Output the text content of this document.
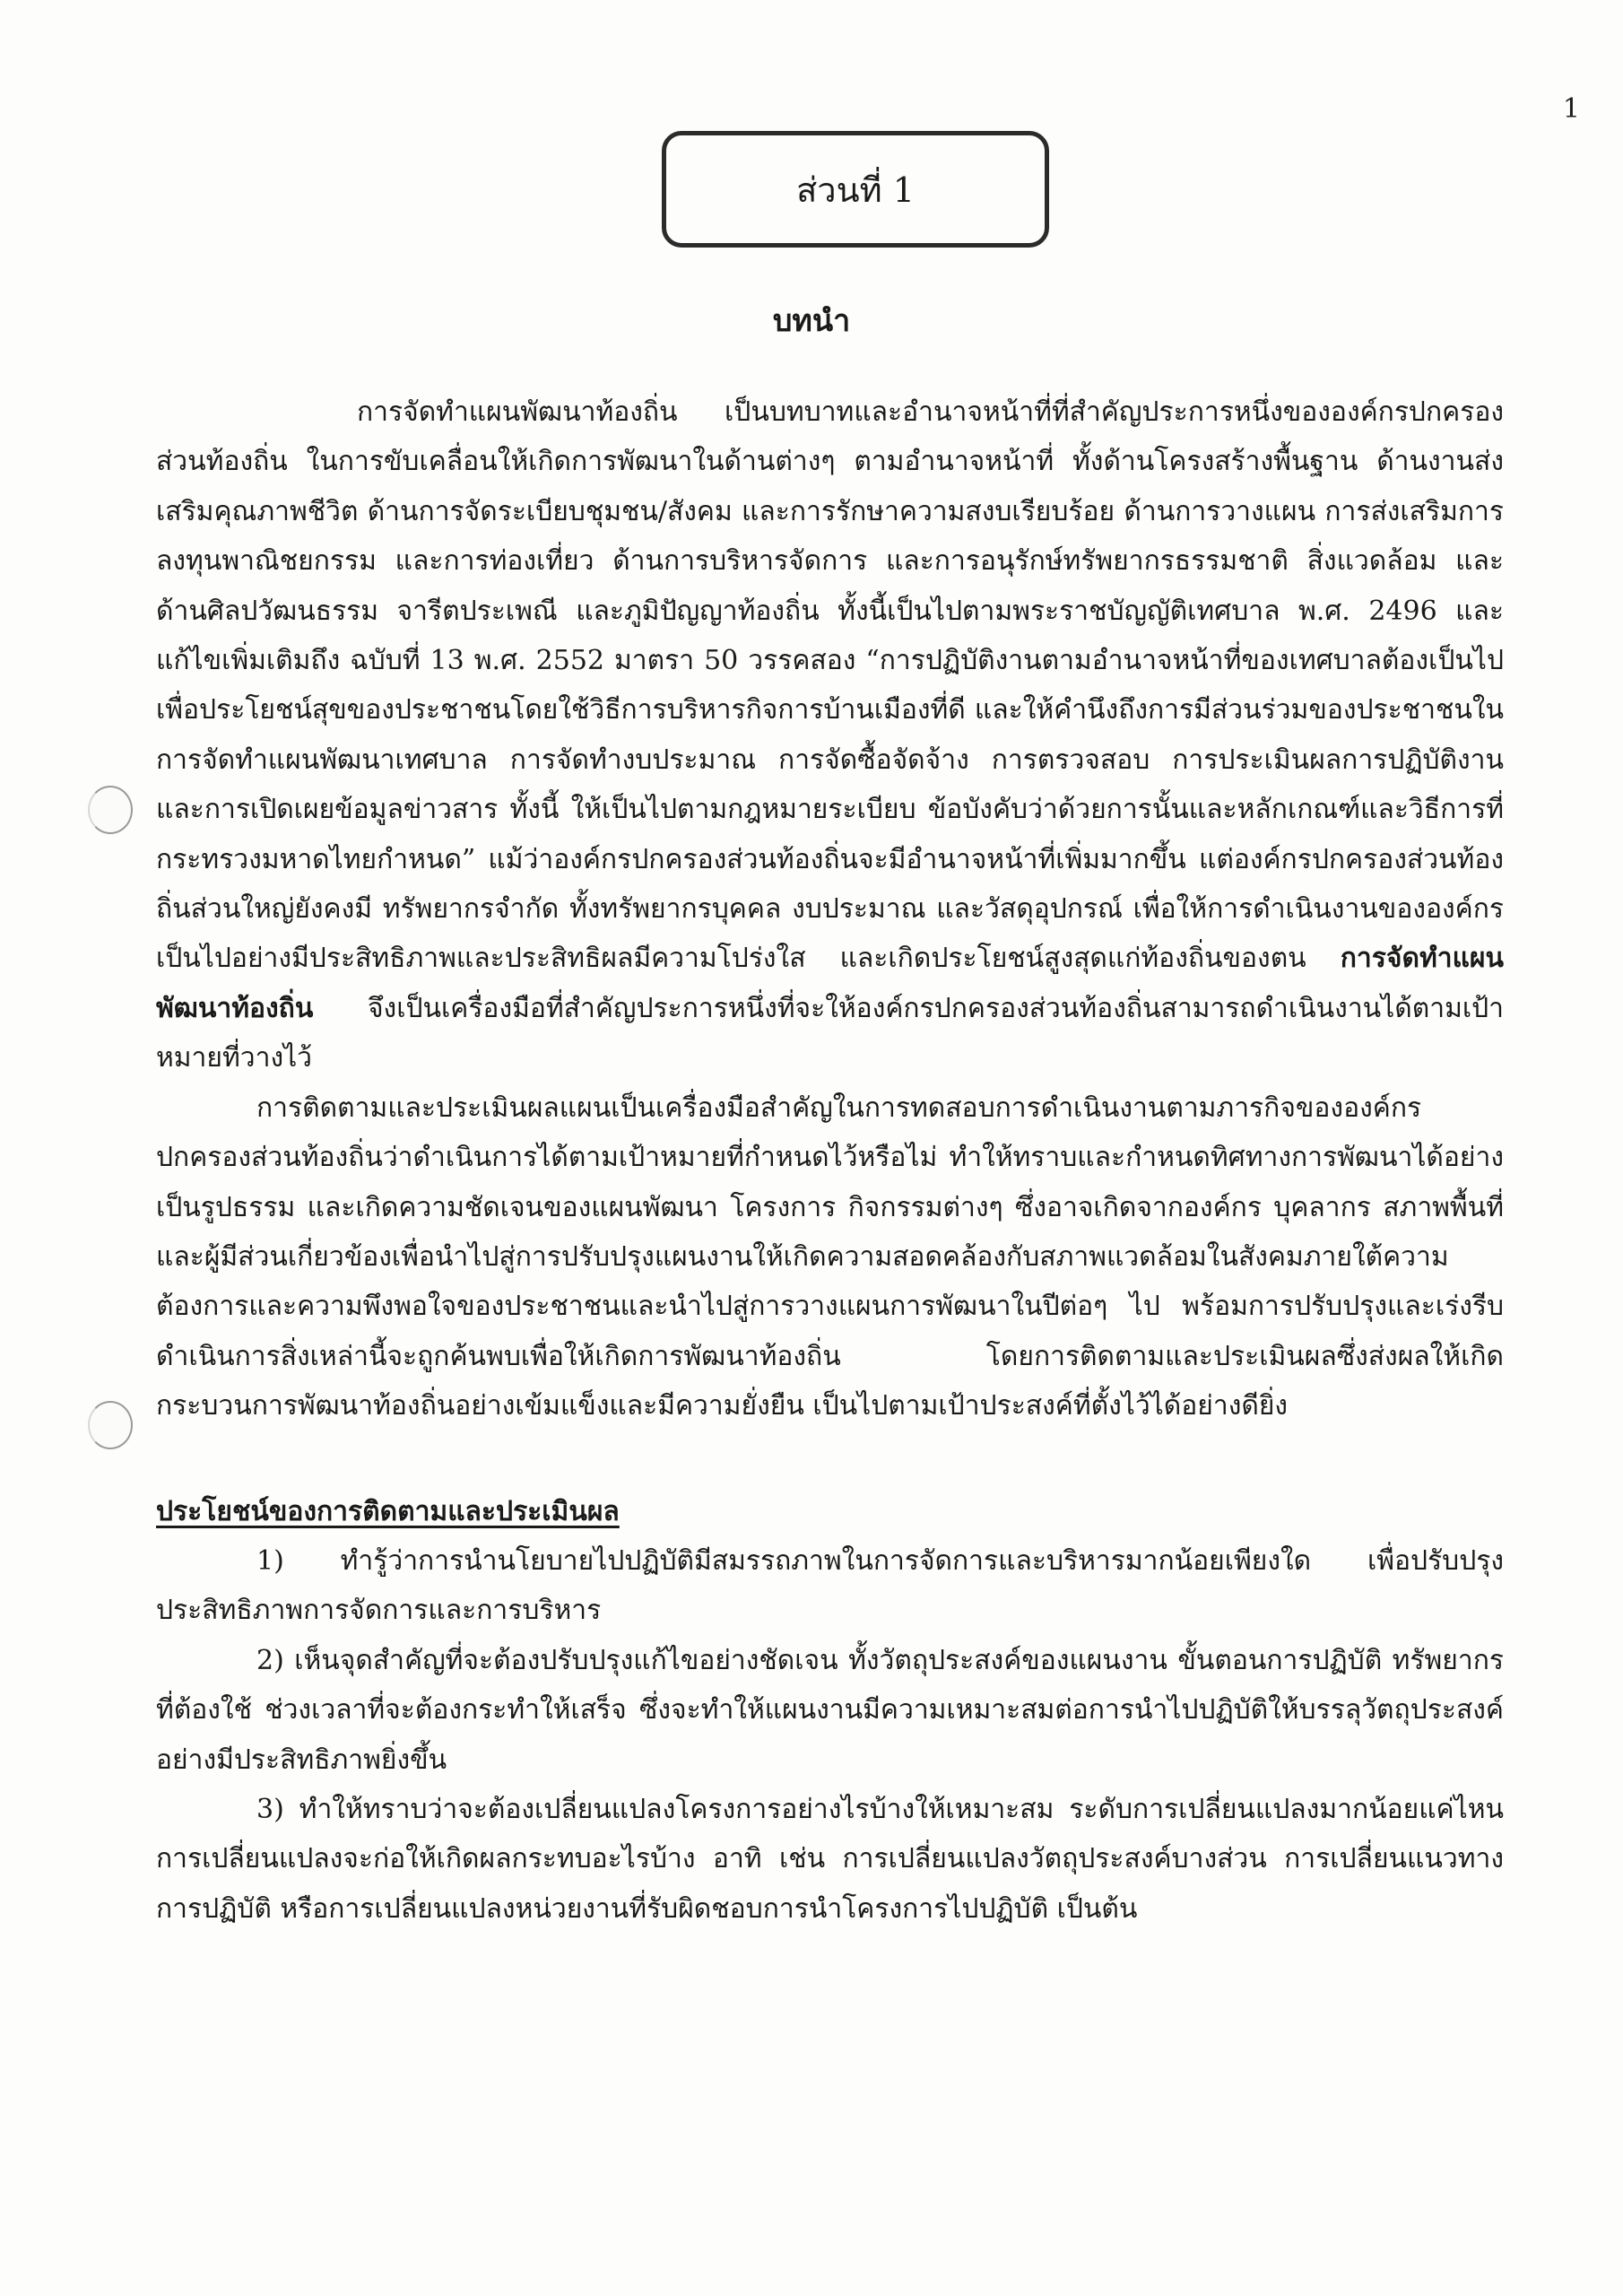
1
ส่วนที่ 1
บทนำ

การจัดทำแผนพัฒนาท้องถิ่น เป็นบทบาทและอำนาจหน้าที่ที่สำคัญประการหนึ่งขององค์กรปกครองส่วนท้องถิ่น ในการขับเคลื่อนให้เกิดการพัฒนาในด้านต่างๆ ตามอำนาจหน้าที่ ทั้งด้านโครงสร้างพื้นฐาน ด้านงานส่งเสริมคุณภาพชีวิต ด้านการจัดระเบียบชุมชน/สังคม และการรักษาความสงบเรียบร้อย ด้านการวางแผน การส่งเสริมการลงทุนพาณิชยกรรม และการท่องเที่ยว ด้านการบริหารจัดการ และการอนุรักษ์ทรัพยากรธรรมชาติ สิ่งแวดล้อม และด้านศิลปวัฒนธรรม จารีตประเพณี และภูมิปัญญาท้องถิ่น ทั้งนี้เป็นไปตามพระราชบัญญัติเทศบาล พ.ศ. 2496 และแก้ไขเพิ่มเติมถึง ฉบับที่ 13 พ.ศ. 2552 มาตรา 50 วรรคสอง “การปฏิบัติงานตามอำนาจหน้าที่ของเทศบาลต้องเป็นไปเพื่อประโยชน์สุขของประชาชนโดยใช้วิธีการบริหารกิจการบ้านเมืองที่ดี และให้คำนึงถึงการมีส่วนร่วมของประชาชนในการจัดทำแผนพัฒนาเทศบาล การจัดทำงบประมาณ การจัดซื้อจัดจ้าง การตรวจสอบ การประเมินผลการปฏิบัติงาน และการเปิดเผยข้อมูลข่าวสาร ทั้งนี้ ให้เป็นไปตามกฎหมายระเบียบ ข้อบังคับว่าด้วยการนั้นและหลักเกณฑ์และวิธีการที่กระทรวงมหาดไทยกำหนด” แม้ว่าองค์กรปกครองส่วนท้องถิ่นจะมีอำนาจหน้าที่เพิ่มมากขึ้น แต่องค์กรปกครองส่วนท้องถิ่นส่วนใหญ่ยังคงมี ทรัพยากรจำกัด ทั้งทรัพยากรบุคคล งบประมาณ และวัสดุอุปกรณ์ เพื่อให้การดำเนินงานขององค์กรเป็นไปอย่างมีประสิทธิภาพและประสิทธิผลมีความโปร่งใส และเกิดประโยชน์สูงสุดแก่ท้องถิ่นของตน การจัดทำแผนพัฒนาท้องถิ่น จึงเป็นเครื่องมือที่สำคัญประการหนึ่งที่จะให้องค์กรปกครองส่วนท้องถิ่นสามารถดำเนินงานได้ตามเป้าหมายที่วางไว้

การติดตามและประเมินผลแผนเป็นเครื่องมือสำคัญในการทดสอบการดำเนินงานตามภารกิจขององค์กรปกครองส่วนท้องถิ่นว่าดำเนินการได้ตามเป้าหมายที่กำหนดไว้หรือไม่ ทำให้ทราบและกำหนดทิศทางการพัฒนาได้อย่างเป็นรูปธรรม และเกิดความชัดเจนของแผนพัฒนา โครงการ กิจกรรมต่างๆ ซึ่งอาจเกิดจากองค์กร บุคลากร สภาพพื้นที่ และผู้มีส่วนเกี่ยวข้องเพื่อนำไปสู่การปรับปรุงแผนงานให้เกิดความสอดคล้องกับสภาพแวดล้อมในสังคมภายใต้ความต้องการและความพึงพอใจของประชาชนและนำไปสู่การวางแผนการพัฒนาในปีต่อๆ ไป พร้อมการปรับปรุงและเร่งรีบดำเนินการสิ่งเหล่านี้จะถูกค้นพบเพื่อให้เกิดการพัฒนาท้องถิ่น โดยการติดตามและประเมินผลซึ่งส่งผลให้เกิดกระบวนการพัฒนาท้องถิ่นอย่างเข้มแข็งและมีความยั่งยืน เป็นไปตามเป้าประสงค์ที่ตั้งไว้ได้อย่างดียิ่ง

ประโยชน์ของการติดตามและประเมินผล

1) ทำรู้ว่าการนำนโยบายไปปฏิบัติมีสมรรถภาพในการจัดการและบริหารมากน้อยเพียงใด เพื่อปรับปรุงประสิทธิภาพการจัดการและการบริหาร

2) เห็นจุดสำคัญที่จะต้องปรับปรุงแก้ไขอย่างชัดเจน ทั้งวัตถุประสงค์ของแผนงาน ขั้นตอนการปฏิบัติ ทรัพยากรที่ต้องใช้ ช่วงเวลาที่จะต้องกระทำให้เสร็จ ซึ่งจะทำให้แผนงานมีความเหมาะสมต่อการนำไปปฏิบัติให้บรรลุวัตถุประสงค์อย่างมีประสิทธิภาพยิ่งขึ้น

3) ทำให้ทราบว่าจะต้องเปลี่ยนแปลงโครงการอย่างไรบ้างให้เหมาะสม ระดับการเปลี่ยนแปลงมากน้อยแค่ไหน การเปลี่ยนแปลงจะก่อให้เกิดผลกระทบอะไรบ้าง อาทิ เช่น การเปลี่ยนแปลงวัตถุประสงค์บางส่วน การเปลี่ยนแนวทางการปฏิบัติ หรือการเปลี่ยนแปลงหน่วยงานที่รับผิดชอบการนำโครงการไปปฏิบัติ เป็นต้น
